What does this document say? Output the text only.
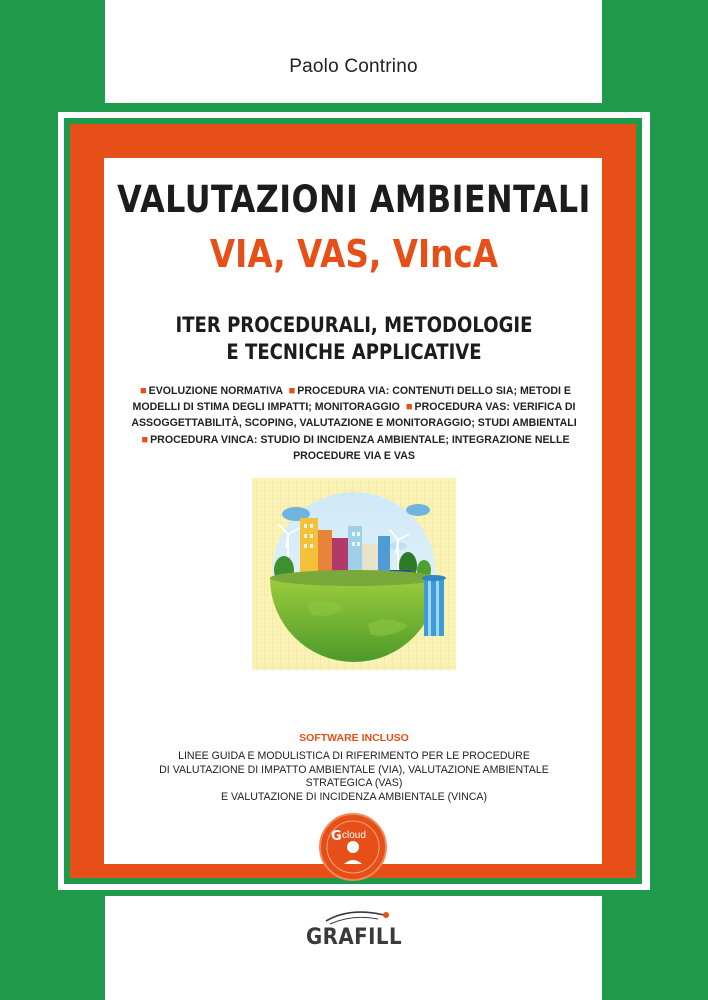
Paolo Contrino
VALUTAZIONI AMBIENTALI
VIA, VAS, VIncA
ITER PROCEDURALI, METODOLOGIE
E TECNICHE APPLICATIVE
■ EVOLUZIONE NORMATIVA ■ PROCEDURA VIA: CONTENUTI DELLO SIA; METODI E MODELLI DI STIMA DEGLI IMPATTI; MONITORAGGIO ■ PROCEDURA VAS: VERIFICA DI ASSOGGETTABILITÀ, SCOPING, VALUTAZIONE E MONITORAGGIO; STUDI AMBIENTALI ■ PROCEDURA VINCA: STUDIO DI INCIDENZA AMBIENTALE; INTEGRAZIONE NELLE PROCEDURE VIA E VAS
SOFTWARE INCLUSO
LINEE GUIDA E MODULISTICA DI RIFERIMENTO PER LE PROCEDURE
DI VALUTAZIONE DI IMPATTO AMBIENTALE (VIA), VALUTAZIONE AMBIENTALE STRATEGICA (VAS)
E VALUTAZIONE DI INCIDENZA AMBIENTALE (VINCA)
G cloud
GRAFILL
